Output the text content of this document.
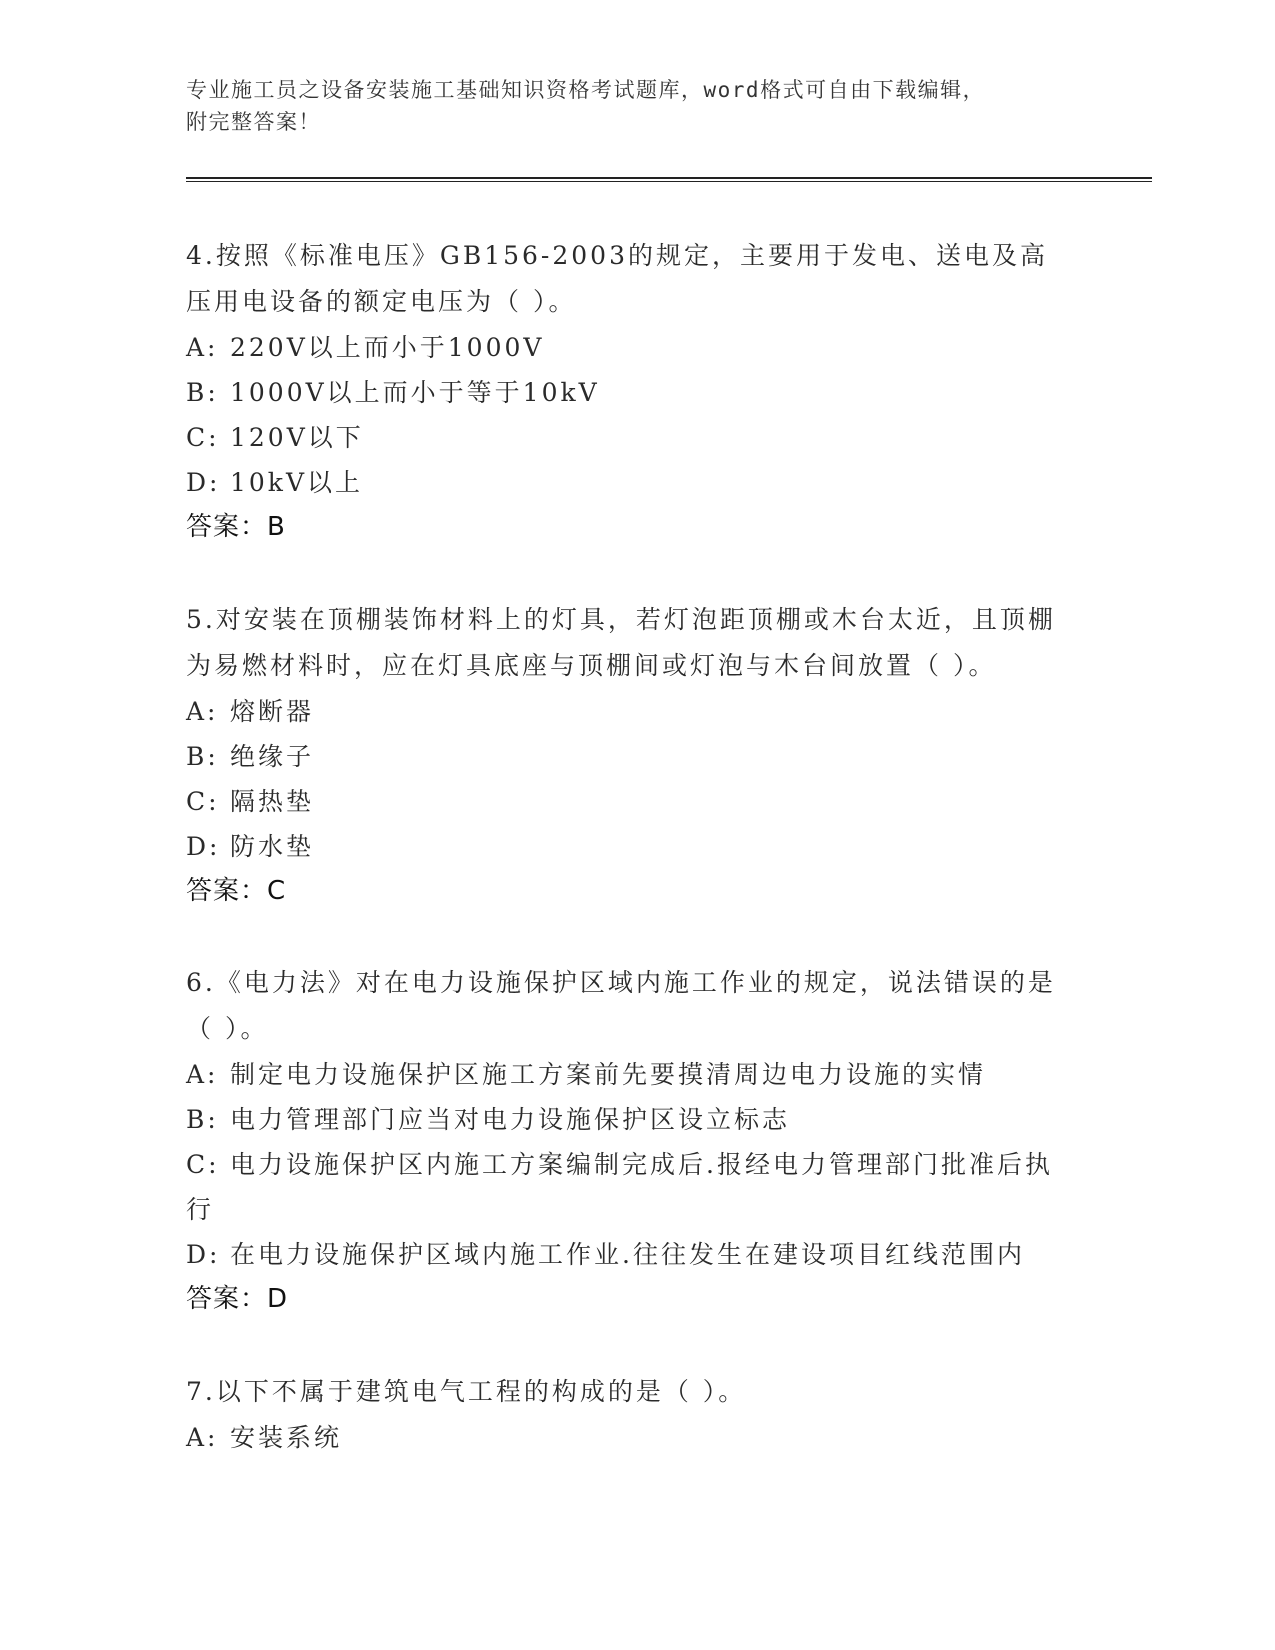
专业施工员之设备安装施工基础知识资格考试题库，word格式可自由下载编辑，
附完整答案！

4.按照《标准电压》GB156-2003的规定，主要用于发电、送电及高压用电设备的额定电压为（ ）。

A: 220V以上而小于1000V

B: 1000V以上而小于等于10kV

C: 120V以下

D: 10kV以上

答案：B

5.对安装在顶棚装饰材料上的灯具，若灯泡距顶棚或木台太近，且顶棚为易燃材料时，应在灯具底座与顶棚间或灯泡与木台间放置（ ）。

A: 熔断器

B: 绝缘子

C: 隔热垫

D: 防水垫

答案：C

6.《电力法》对在电力设施保护区域内施工作业的规定，说法错误的是（ ）。

A: 制定电力设施保护区施工方案前先要摸清周边电力设施的实情

B: 电力管理部门应当对电力设施保护区设立标志

C: 电力设施保护区内施工方案编制完成后.报经电力管理部门批准后执行

D: 在电力设施保护区域内施工作业.往往发生在建设项目红线范围内

答案：D

7.以下不属于建筑电气工程的构成的是（ ）。

A: 安装系统
